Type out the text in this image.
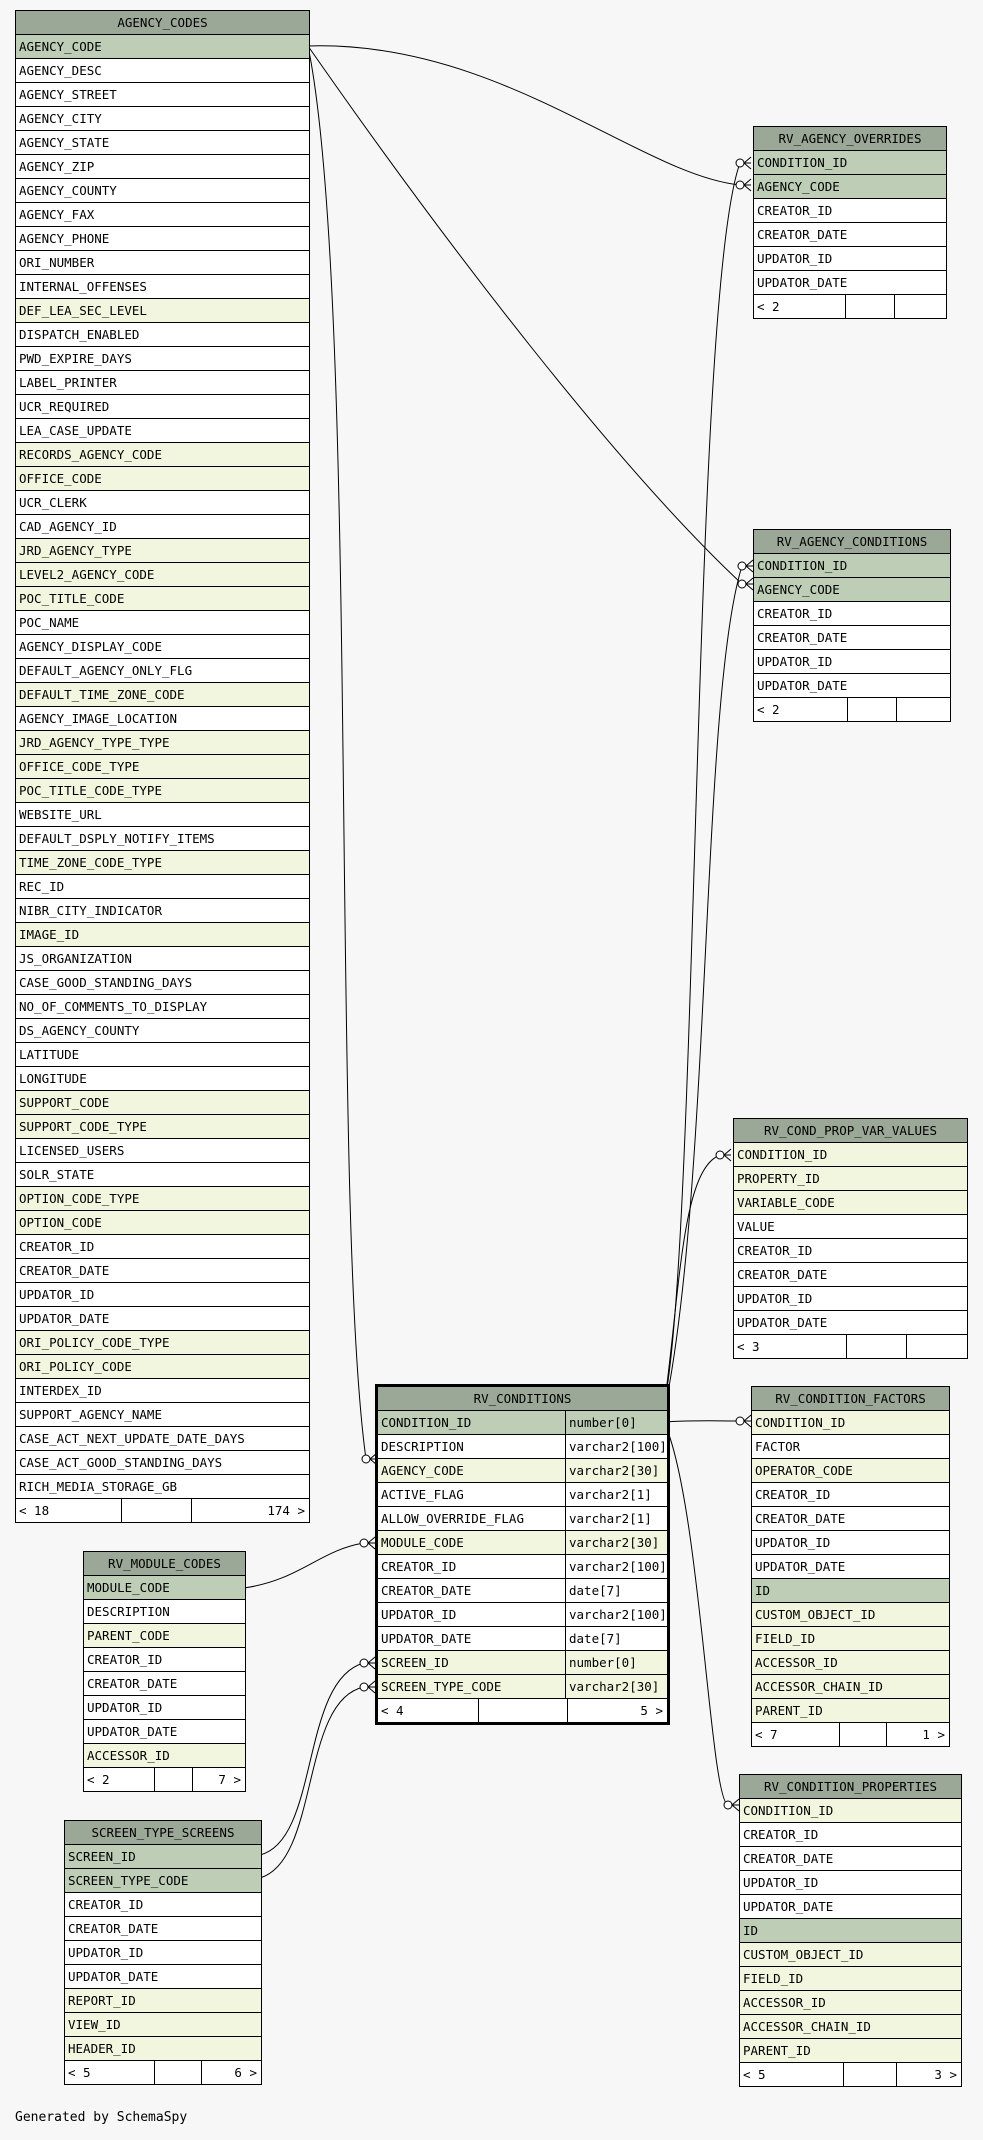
AGENCY_CODES
AGENCY_CODE
AGENCY_DESC
AGENCY_STREET
AGENCY_CITY
AGENCY_STATE
AGENCY_ZIP
AGENCY_COUNTY
AGENCY_FAX
AGENCY_PHONE
ORI_NUMBER
INTERNAL_OFFENSES
DEF_LEA_SEC_LEVEL
DISPATCH_ENABLED
PWD_EXPIRE_DAYS
LABEL_PRINTER
UCR_REQUIRED
LEA_CASE_UPDATE
RECORDS_AGENCY_CODE
OFFICE_CODE
UCR_CLERK
CAD_AGENCY_ID
JRD_AGENCY_TYPE
LEVEL2_AGENCY_CODE
POC_TITLE_CODE
POC_NAME
AGENCY_DISPLAY_CODE
DEFAULT_AGENCY_ONLY_FLG
DEFAULT_TIME_ZONE_CODE
AGENCY_IMAGE_LOCATION
JRD_AGENCY_TYPE_TYPE
OFFICE_CODE_TYPE
POC_TITLE_CODE_TYPE
WEBSITE_URL
DEFAULT_DSPLY_NOTIFY_ITEMS
TIME_ZONE_CODE_TYPE
REC_ID
NIBR_CITY_INDICATOR
IMAGE_ID
JS_ORGANIZATION
CASE_GOOD_STANDING_DAYS
NO_OF_COMMENTS_TO_DISPLAY
DS_AGENCY_COUNTY
LATITUDE
LONGITUDE
SUPPORT_CODE
SUPPORT_CODE_TYPE
LICENSED_USERS
SOLR_STATE
OPTION_CODE_TYPE
OPTION_CODE
CREATOR_ID
CREATOR_DATE
UPDATOR_ID
UPDATOR_DATE
ORI_POLICY_CODE_TYPE
ORI_POLICY_CODE
INTERDEX_ID
SUPPORT_AGENCY_NAME
CASE_ACT_NEXT_UPDATE_DATE_DAYS
CASE_ACT_GOOD_STANDING_DAYS
RICH_MEDIA_STORAGE_GB
< 18	174 >
RV_AGENCY_OVERRIDES
CONDITION_ID
AGENCY_CODE
CREATOR_ID
CREATOR_DATE
UPDATOR_ID
UPDATOR_DATE
< 2
RV_AGENCY_CONDITIONS
CONDITION_ID
AGENCY_CODE
CREATOR_ID
CREATOR_DATE
UPDATOR_ID
UPDATOR_DATE
< 2
RV_COND_PROP_VAR_VALUES
CONDITION_ID
PROPERTY_ID
VARIABLE_CODE
VALUE
CREATOR_ID
CREATOR_DATE
UPDATOR_ID
UPDATOR_DATE
< 3
RV_CONDITIONS
CONDITION_ID	number[0]
DESCRIPTION	varchar2[100]
AGENCY_CODE	varchar2[30]
ACTIVE_FLAG	varchar2[1]
ALLOW_OVERRIDE_FLAG	varchar2[1]
MODULE_CODE	varchar2[30]
CREATOR_ID	varchar2[100]
CREATOR_DATE	date[7]
UPDATOR_ID	varchar2[100]
UPDATOR_DATE	date[7]
SCREEN_ID	number[0]
SCREEN_TYPE_CODE	varchar2[30]
< 4	5 >
RV_CONDITION_FACTORS
CONDITION_ID
FACTOR
OPERATOR_CODE
CREATOR_ID
CREATOR_DATE
UPDATOR_ID
UPDATOR_DATE
ID
CUSTOM_OBJECT_ID
FIELD_ID
ACCESSOR_ID
ACCESSOR_CHAIN_ID
PARENT_ID
< 7	1 >
RV_MODULE_CODES
MODULE_CODE
DESCRIPTION
PARENT_CODE
CREATOR_ID
CREATOR_DATE
UPDATOR_ID
UPDATOR_DATE
ACCESSOR_ID
< 2	7 >
SCREEN_TYPE_SCREENS
SCREEN_ID
SCREEN_TYPE_CODE
CREATOR_ID
CREATOR_DATE
UPDATOR_ID
UPDATOR_DATE
REPORT_ID
VIEW_ID
HEADER_ID
< 5	6 >
RV_CONDITION_PROPERTIES
CONDITION_ID
CREATOR_ID
CREATOR_DATE
UPDATOR_ID
UPDATOR_DATE
ID
CUSTOM_OBJECT_ID
FIELD_ID
ACCESSOR_ID
ACCESSOR_CHAIN_ID
PARENT_ID
< 5	3 >
Generated by SchemaSpy
